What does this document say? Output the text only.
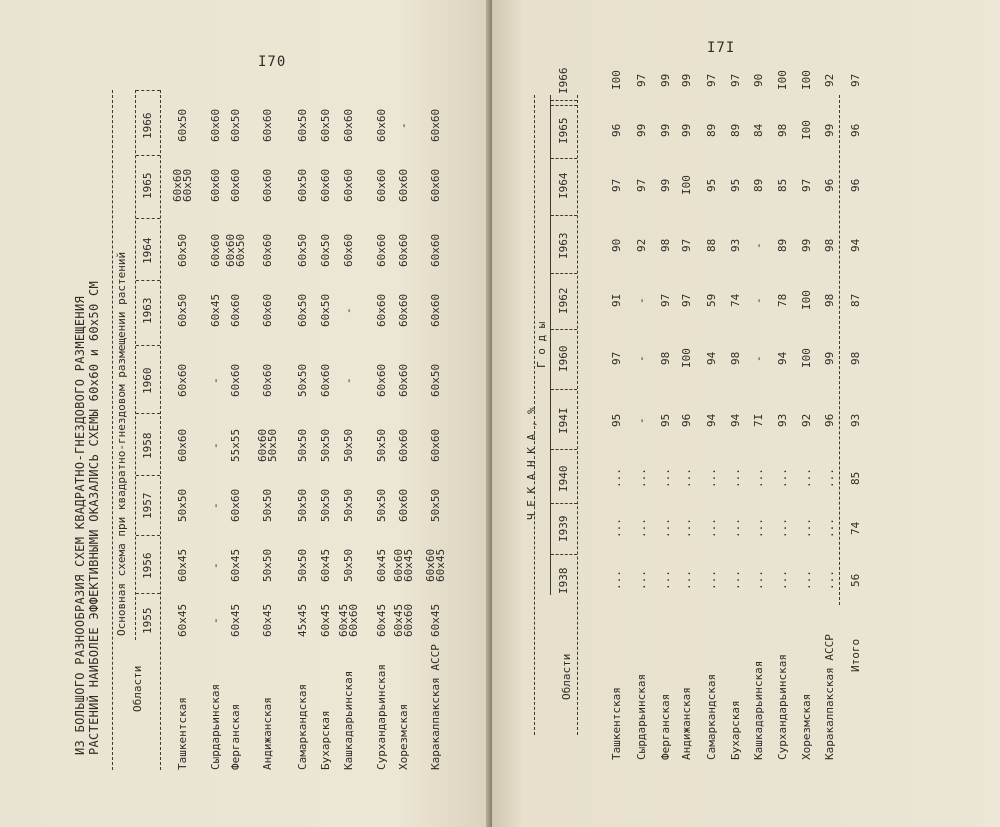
I70
ИЗ БОЛЬШОГО РАЗНООБРАЗИЯ СХЕМ КВАДРАТНО-ГНЕЗДОВОГО РАЗМЕЩЕНИЯ РАСТЕНИЙ НАИБОЛЕЕ ЭФФЕКТИВНЫМИ ОКАЗАЛИСЬ СХЕМЫ 60х60 и 60х50 СМ	Области
Основная схема при квадратно-гнездовом размещении растений
Ташкентская Сырдарьинская Ферганская Андижанская Самаркандская Бухарская Кашкадарьинская Сурхандарьинская Хорезмская Каракалпакская АССР
1955
1956
1957
1958
1960
1963
1964
1965
1966
60х45
60х45
50х50
60х60
60х60
60х50
60х50
60х60
60х50
60х50
-
-
-
-
-
60х45
60х60
60х60
60х60
60х45
60х45
60х60
55х55
60х60
60х60
60х60
60х50
60х60
60х50
60х45
50х50
50х50
60х60
50х50
60х60
60х60
60х60
60х60
60х60
45х45
50х50
50х50
50х50
50х50
60х50
60х50
60х50
60х50
60х45
60х45
50х50
50х50
60х60
60х50
60х50
60х60
60х50
60х45
60х60
50х50
50х50
50х50
-
-
60х60
60х60
60х60
60х45
60х45
50х50
50х50
60х60
60х60
60х60
60х60
60х60
60х45
60х60
60х60
60х45
60х60
60х60
60х60
60х60
60х60
60х60
-
60х45
60х60
60х45
50х50
60х60
60х50
60х60
60х60
60х60
60х60
I7I
Ч Е К А Н К А , %
Области
Ташкентская Сырдарьинская Ферганская Андижанская Самаркандская Бухарская Кашкадарьинская Сурхандарьинская Хорезмская Каракалпакская АССР Итого
Г о д ы
I938
I939
I940
I94I
I960
I962
I963
I964
I965
I966
...
...
...
95
97
9I
90
97
96
I00
...
...
...
-
-
-
92
97
99
97
...
...
...
95
98
97
98
99
99
99
...
...
...
96
I00
97
97
I00
99
99
...
...
...
94
94
59
88
95
89
97
...
...
...
94
98
74
93
95
89
97
...
...
...
7I
-
-
-
89
84
90
...
...
...
93
94
78
89
85
98
I00
...
...
...
92
I00
I00
99
97
I00
I00
...
...
...
96
99
98
98
96
99
92
56
74
85
93
98
87
94
96
96
97
